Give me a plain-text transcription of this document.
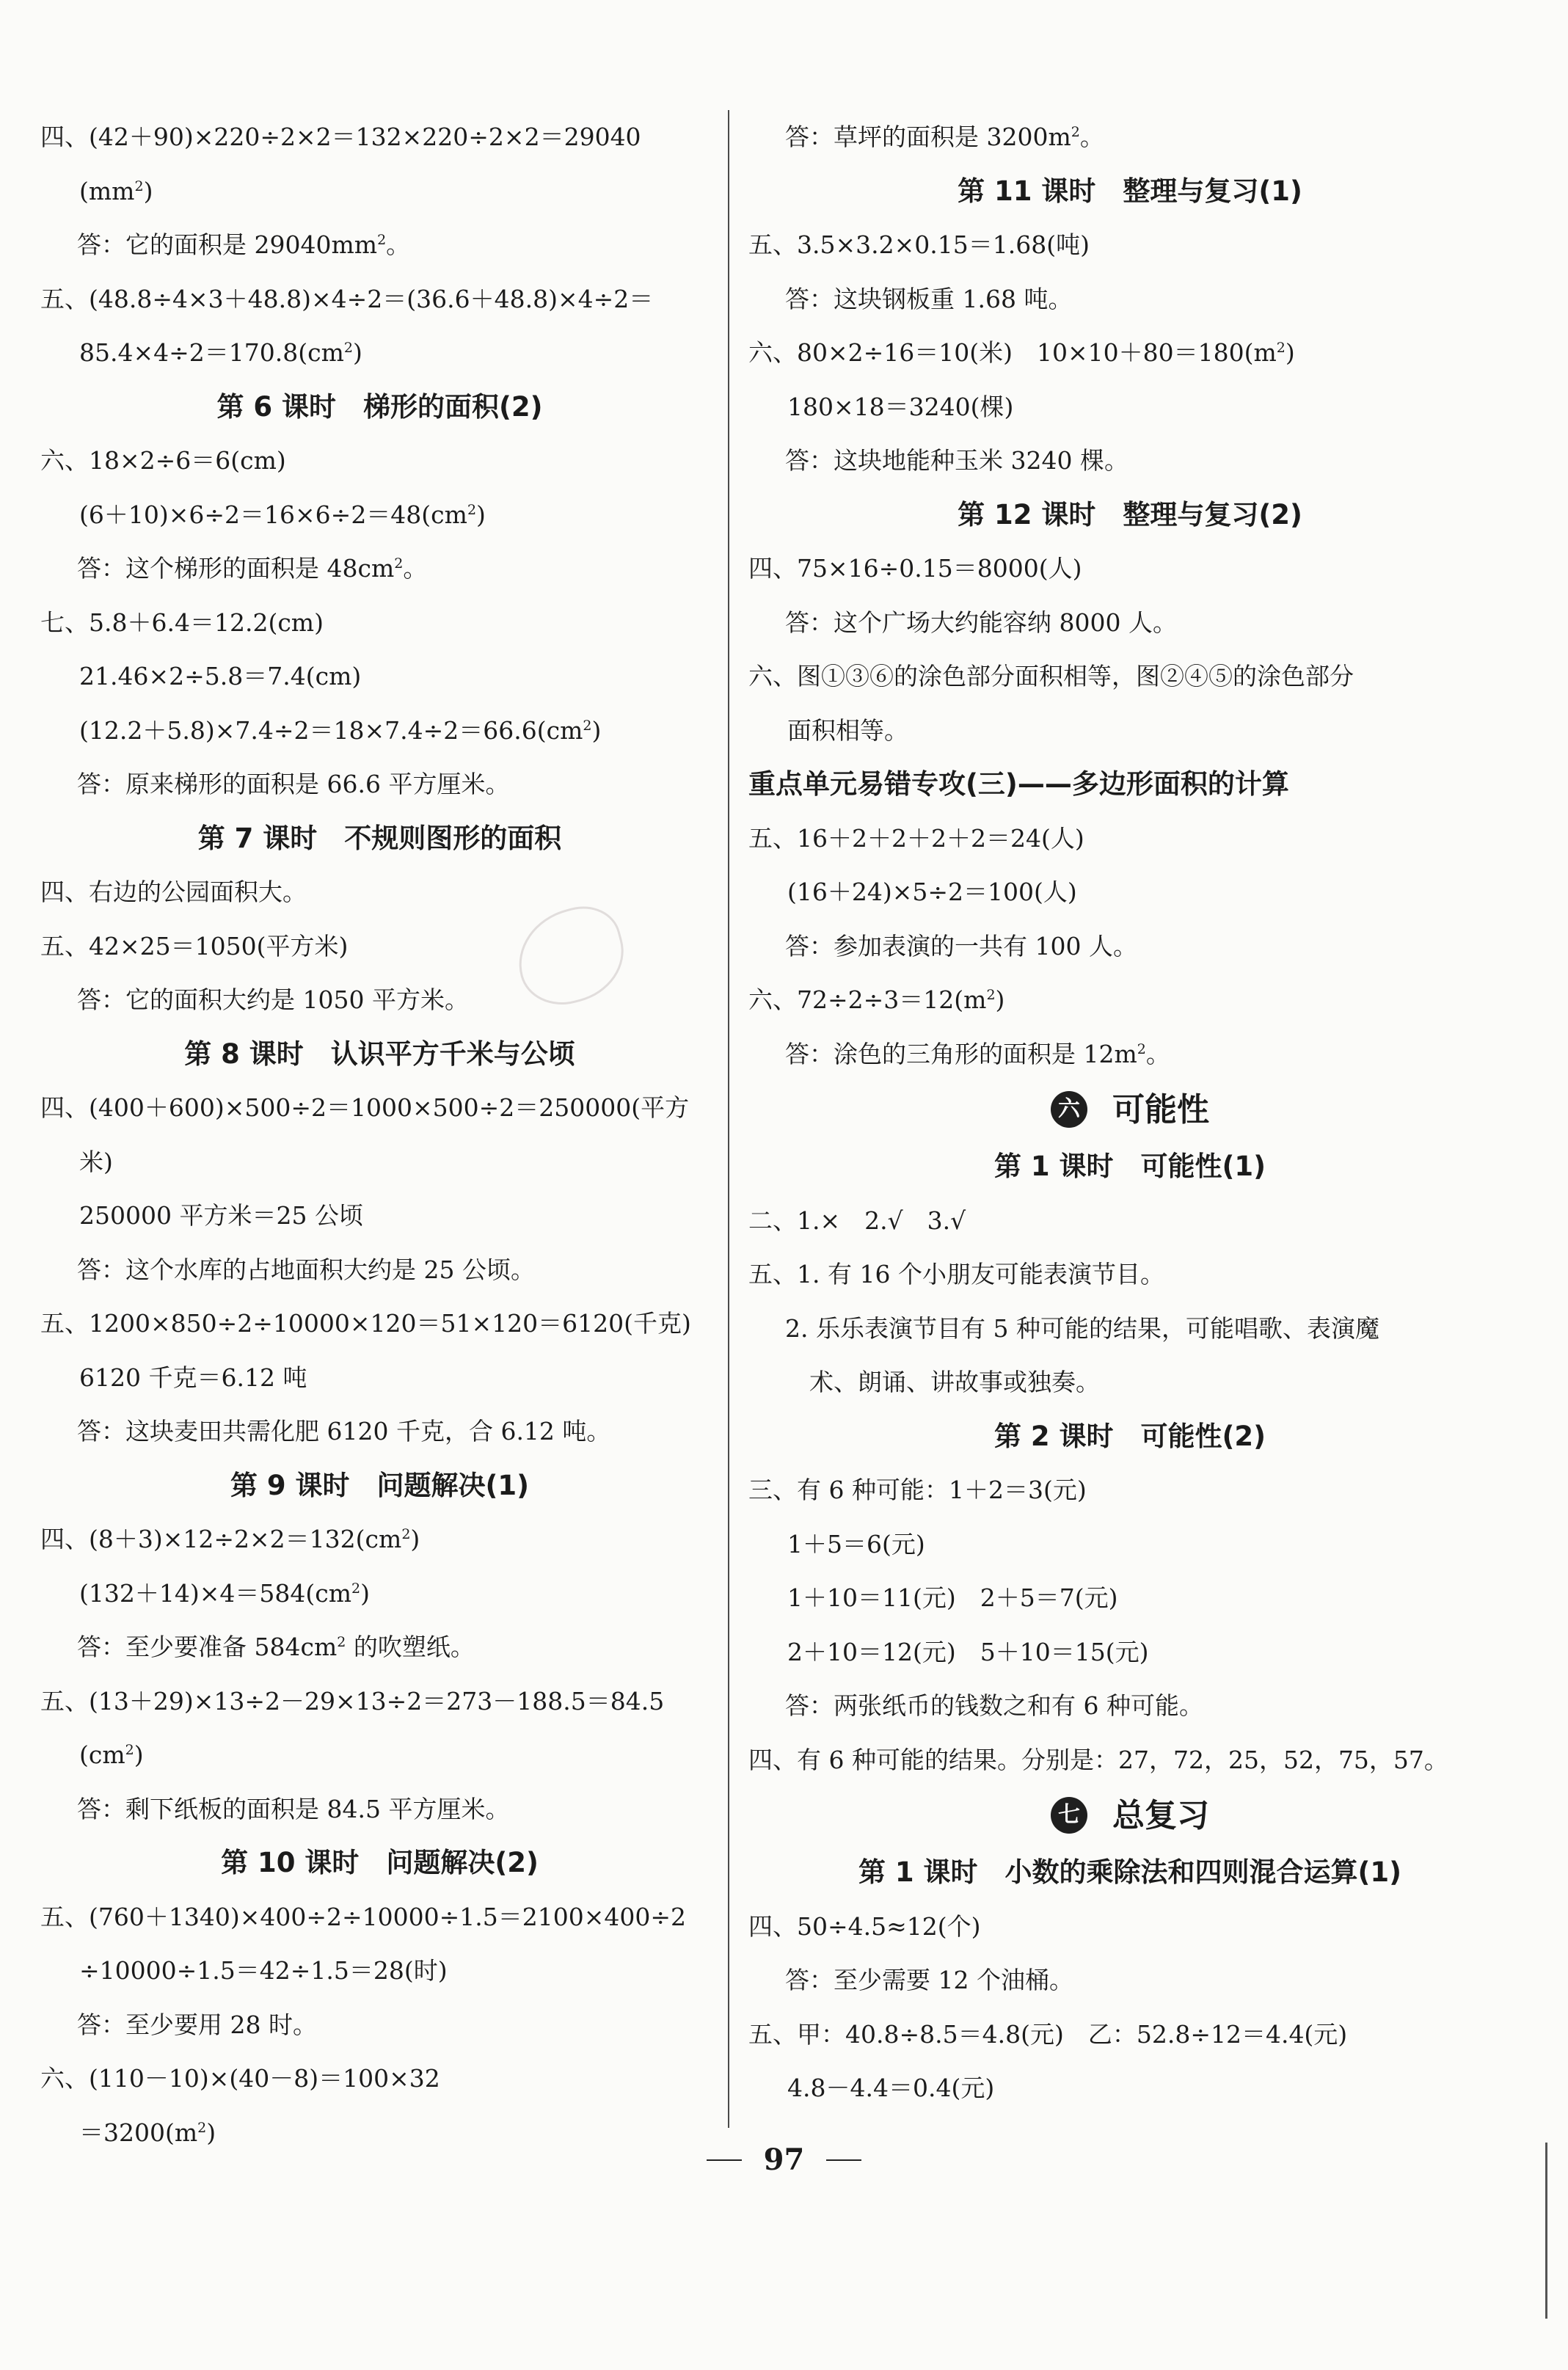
四、(42＋90)×220÷2×2＝132×220÷2×2＝29040
$(mm^2)$
答：它的面积是 $29040mm^2$。
五、(48.8÷4×3＋48.8)×4÷2＝(36.6＋48.8)×4÷2＝
$85.4\times 4\div 2=170.8(cm^2)$
第 6 课时　梯形的面积(2)
六、18×2÷6＝6(cm)
$(6+10)\times 6\div 2=16\times 6\div 2=48(cm^2)$
答：这个梯形的面积是 $48cm^2$。
七、5.8＋6.4＝12.2(cm)
21.46×2÷5.8＝7.4(cm)
$(12.2+5.8)\times 7.4\div 2=18\times 7.4\div 2=66.6(cm^2)$
答：原来梯形的面积是 66.6 平方厘米。
第 7 课时　不规则图形的面积
四、右边的公园面积大。
五、42×25＝1050(平方米)
答：它的面积大约是 1050 平方米。
第 8 课时　认识平方千米与公顷
四、(400＋600)×500÷2＝1000×500÷2＝250000(平方
米)
250000 平方米＝25 公顷
答：这个水库的占地面积大约是 25 公顷。
五、1200×850÷2÷10000×120＝51×120＝6120(千克)
6120 千克＝6.12 吨
答：这块麦田共需化肥 6120 千克，合 6.12 吨。
第 9 课时　问题解决(1)
四、$(8+3)\times 12\div 2\times 2=132(cm^2)$
$(132+14)\times 4=584(cm^2)$
答：至少要准备 $584cm^2$ 的吹塑纸。
五、(13＋29)×13÷2－29×13÷2＝273－188.5＝84.5
$(cm^2)$
答：剩下纸板的面积是 84.5 平方厘米。
第 10 课时　问题解决(2)
五、(760＋1340)×400÷2÷10000÷1.5＝2100×400÷2
÷10000÷1.5＝42÷1.5＝28(时)
答：至少要用 28 时。
六、(110－10)×(40－8)＝100×32
$=3200(m^2)$
答：草坪的面积是 $3200m^2$。
第 11 课时　整理与复习(1)
五、3.5×3.2×0.15＝1.68(吨)
答：这块钢板重 1.68 吨。
六、80×2÷16＝10(米)　$10\times 10+80=180(m^2)$
180×18＝3240(棵)
答：这块地能种玉米 3240 棵。
第 12 课时　整理与复习(2)
四、75×16÷0.15＝8000(人)
答：这个广场大约能容纳 8000 人。
六、图①③⑥的涂色部分面积相等，图②④⑤的涂色部分
面积相等。
重点单元易错专攻(三)——多边形面积的计算
五、16＋2＋2＋2＋2＝24(人)
(16＋24)×5÷2＝100(人)
答：参加表演的一共有 100 人。
六、$72\div 2\div 3=12(m^2)$
答：涂色的三角形的面积是 $12m^2$。
六 可能性
第 1 课时　可能性(1)
二、1.×　2.√　3.√
五、1. 有 16 个小朋友可能表演节目。
2. 乐乐表演节目有 5 种可能的结果，可能唱歌、表演魔
　术、朗诵、讲故事或独奏。
第 2 课时　可能性(2)
三、有 6 种可能：1＋2＝3(元)
1＋5＝6(元)
1＋10＝11(元)　2＋5＝7(元)
2＋10＝12(元)　5＋10＝15(元)
答：两张纸币的钱数之和有 6 种可能。
四、有 6 种可能的结果。分别是：27，72，25，52，75，57。
七 总复习
第 1 课时　小数的乘除法和四则混合运算(1)
四、50÷4.5≈12(个)
答：至少需要 12 个油桶。
五、甲：40.8÷8.5＝4.8(元)　乙：52.8÷12＝4.4(元)
4.8－4.4＝0.4(元)
97
